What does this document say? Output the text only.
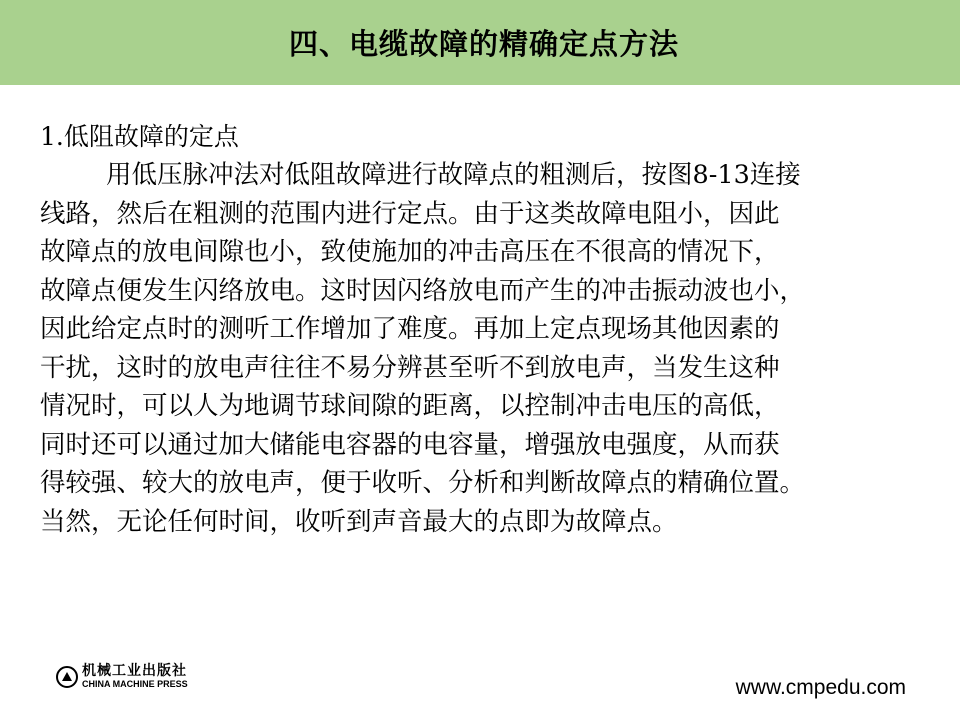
四、电缆故障的精确定点方法

1.低阻故障的定点

用低压脉冲法对低阻故障进行故障点的粗测后，按图8-13连接

线路，然后在粗测的范围内进行定点。由于这类故障电阻小，因此

故障点的放电间隙也小，致使施加的冲击高压在不很高的情况下，

故障点便发生闪络放电。这时因闪络放电而产生的冲击振动波也小，

因此给定点时的测听工作增加了难度。再加上定点现场其他因素的

干扰，这时的放电声往往不易分辨甚至听不到放电声，当发生这种

情况时，可以人为地调节球间隙的距离，以控制冲击电压的高低，

同时还可以通过加大储能电容器的电容量，增强放电强度，从而获

得较强、较大的放电声，便于收听、分析和判断故障点的精确位置。

当然，无论任何时间，收听到声音最大的点即为故障点。

机械工业出版社
CHINA MACHINE PRESS	www.cmpedu.com
